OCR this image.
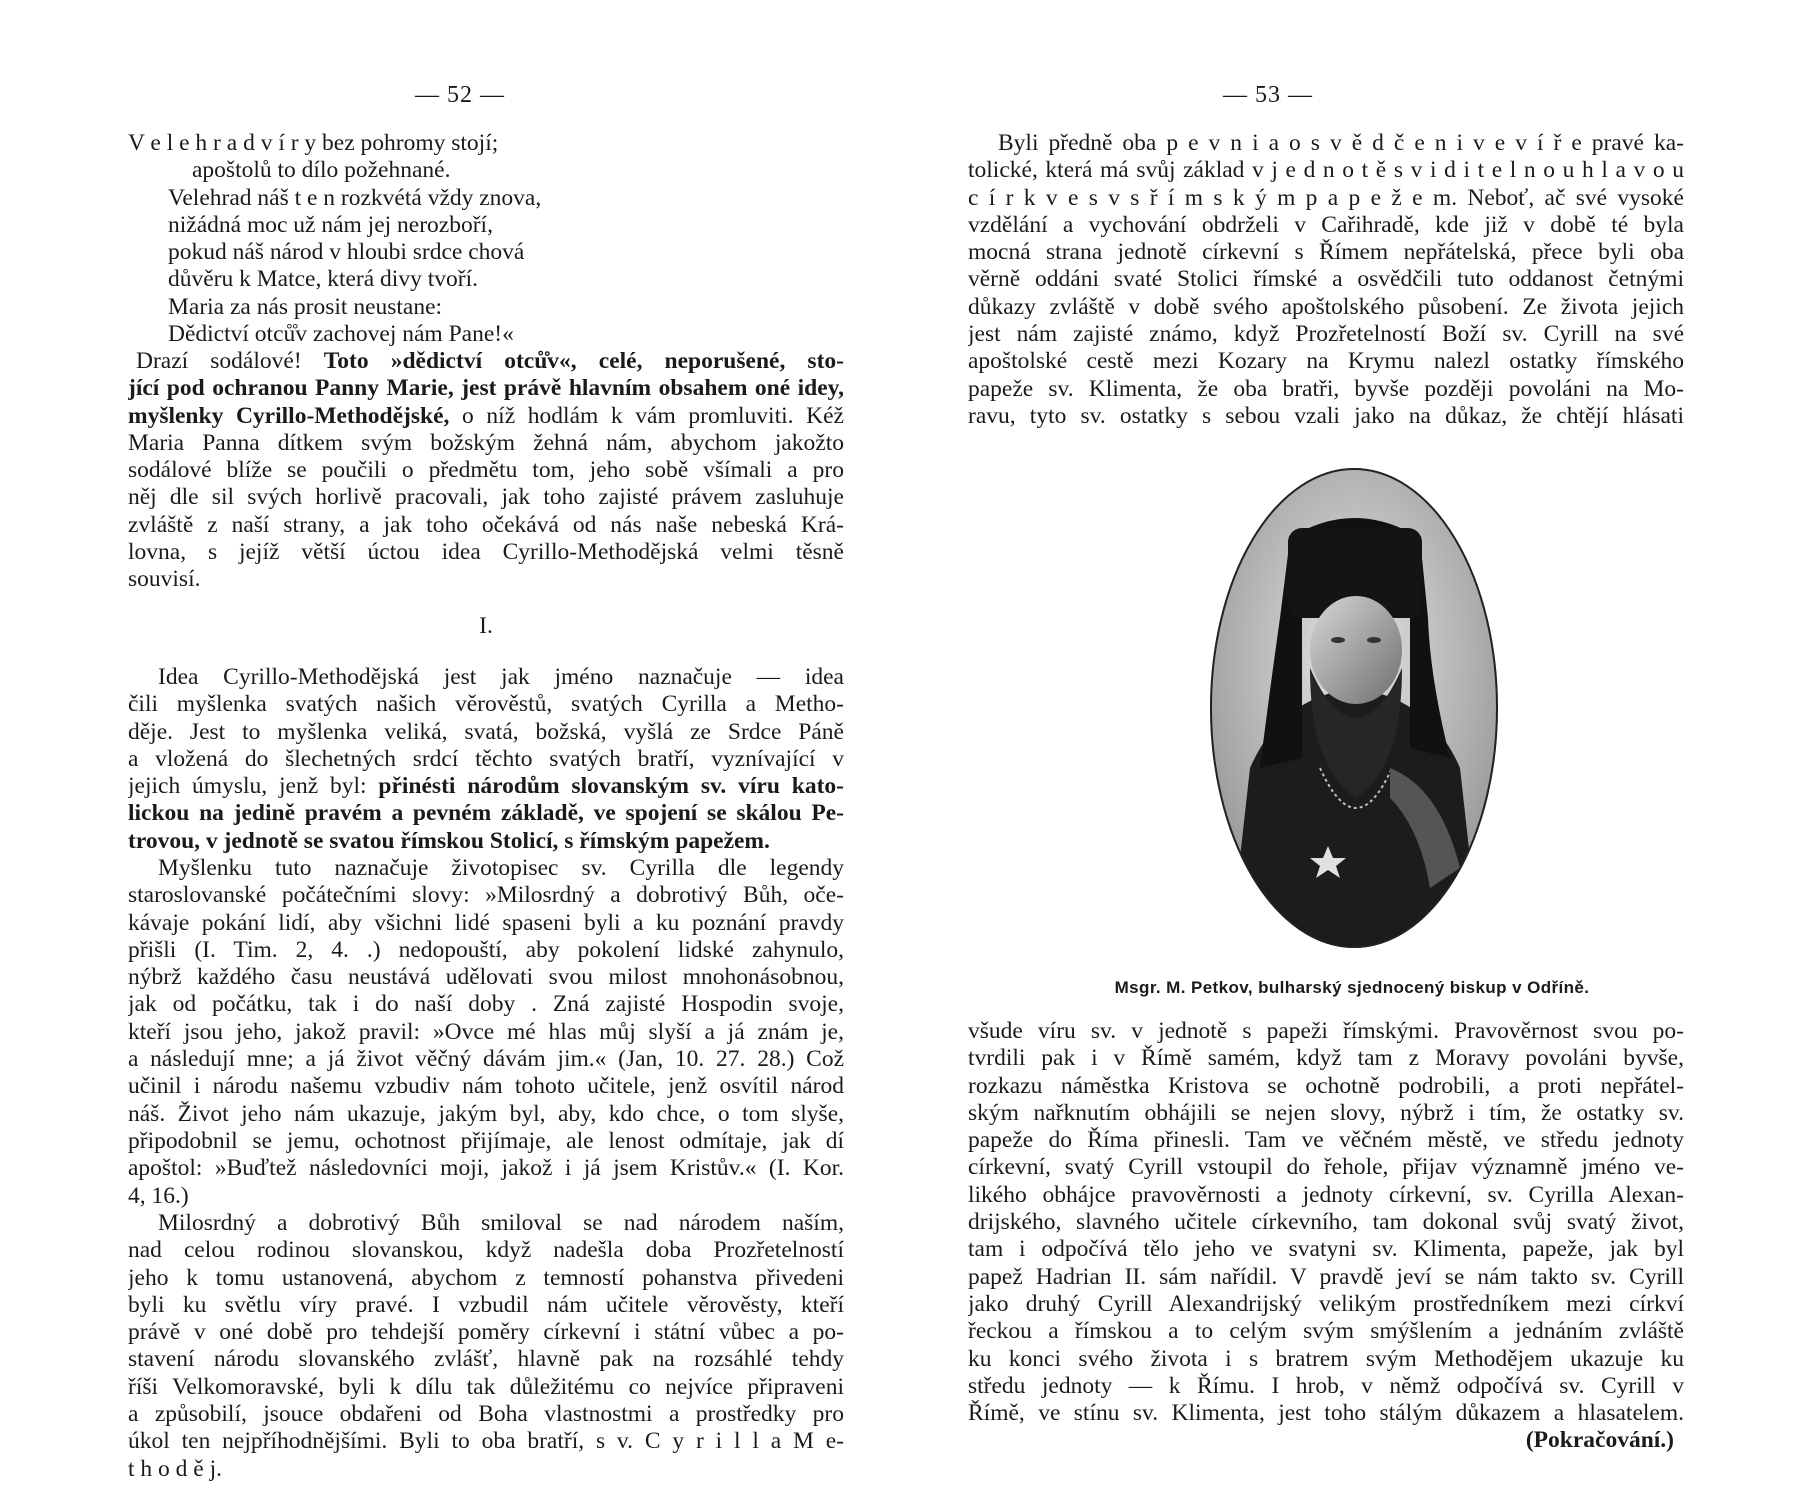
— 52 —
V e l e h r a d v í r y bez pohromy stojí;
apoštolů to dílo požehnané.
Velehrad náš t e n rozkvétá vždy znova,
nižádná moc už nám jej nerozboří,
pokud náš národ v hloubi srdce chová
důvěru k Matce, která divy tvoří.
Maria za nás prosit neustane:
Dědictví otců̊v zachovej nám Pane!«
Drazí sodálové! Toto »dědictví otců̊v«, celé, neporušené, sto-
jící pod ochranou Panny Marie, jest právě hlavním obsahem oné idey,
myšlenky Cyrillo-Methodějské, o níž hodlám k vám promluviti. Kéž
Maria Panna dítkem svým božským žehná nám, abychom jakožto
sodálové blíže se poučili o předmětu tom, jeho sobě všímali a pro
něj dle sil svých horlivě pracovali, jak toho zajisté právem zasluhuje
zvláště z naší strany, a jak toho očekává od nás naše nebeská Krá-
lovna, s jejíž větší úctou idea Cyrillo-Methodějská velmi těsně
souvisí.
I.
Idea Cyrillo-Methodějská jest jak jméno naznačuje — idea
čili myšlenka svatých našich věrověstů, svatých Cyrilla a Metho-
děje. Jest to myšlenka veliká, svatá, božská, vyšlá ze Srdce Páně
a vložená do šlechetných srdcí těchto svatých bratří, vyznívající v
jejich úmyslu, jenž byl: přinésti národům slovanským sv. víru kato-
lickou na jedině pravém a pevném základě, ve spojení se skálou Pe-
trovou, v jednotě se svatou římskou Stolicí, s římským papežem.
Myšlenku tuto naznačuje životopisec sv. Cyrilla dle legendy
staroslovanské počátečními slovy: »Milosrdný a dobrotivý Bůh, oče-
kávaje pokání lidí, aby všichni lidé spaseni byli a ku poznání pravdy
přišli (I. Tim. 2, 4. .) nedopouští, aby pokolení lidské zahynulo,
nýbrž každého času neustává udělovati svou milost mnohonásobnou,
jak od počátku, tak i do naší doby . Zná zajisté Hospodin svoje,
kteří jsou jeho, jakož pravil: »Ovce mé hlas můj slyší a já znám je,
a následují mne; a já život věčný dávám jim.« (Jan, 10. 27. 28.) Což
učinil i národu našemu vzbudiv nám tohoto učitele, jenž osvítil národ
náš. Život jeho nám ukazuje, jakým byl, aby, kdo chce, o tom slyše,
připodobnil se jemu, ochotnost přijímaje, ale lenost odmítaje, jak dí
apoštol: »Buďtež následovníci moji, jakož i já jsem Kristův.« (I. Kor.
4, 16.)
Milosrdný a dobrotivý Bůh smiloval se nad národem naším,
nad celou rodinou slovanskou, když nadešla doba Prozřetelností
jeho k tomu ustanovená, abychom z temností pohanstva přivedeni
byli ku světlu víry pravé. I vzbudil nám učitele věrověsty, kteří
právě v oné době pro tehdejší poměry církevní i státní vůbec a po-
stavení národu slovanského zvlášť, hlavně pak na rozsáhlé tehdy
říši Velkomoravské, byli k dílu tak důležitému co nejvíce připraveni
a způsobilí, jsouce obdařeni od Boha vlastnostmi a prostředky pro
úkol ten nejpříhodnějšími. Byli to oba bratří, s v. C y r i l l a M e-
t h o d ě j.
— 53 —
Byli předně oba p e v n i a o s v ě d č e n i v e v í ř e pravé ka-
tolické, která má svůj základ v j e d n o t ě s v i d i t e l n o u h l a v o u
c í r k v e s v s ř í m s k ý m p a p e ž e m. Neboť, ač své vysoké
vzdělání a vychování obdrželi v Cařihradě, kde již v době té byla
mocná strana jednotě církevní s Římem nepřátelská, přece byli oba
věrně oddáni svaté Stolici římské a osvědčili tuto oddanost četnými
důkazy zvláště v době svého apoštolského působení. Ze života jejich
jest nám zajisté známo, když Prozřetelností Boží sv. Cyrill na své
apoštolské cestě mezi Kozary na Krymu nalezl ostatky římského
papeže sv. Klimenta, že oba bratři, byvše později povoláni na Mo-
ravu, tyto sv. ostatky s sebou vzali jako na důkaz, že chtějí hlásati
Msgr. M. Petkov, bulharský sjednocený biskup v Odříně.
všude víru sv. v jednotě s papeži římskými. Pravověrnost svou po-
tvrdili pak i v Římě samém, když tam z Moravy povoláni byvše,
rozkazu náměstka Kristova se ochotně podrobili, a proti nepřátel-
ským nařknutím obhájili se nejen slovy, nýbrž i tím, že ostatky sv.
papeže do Říma přinesli. Tam ve věčném městě, ve středu jednoty
církevní, svatý Cyrill vstoupil do řehole, přijav významně jméno ve-
likého obhájce pravověrnosti a jednoty církevní, sv. Cyrilla Alexan-
drijského, slavného učitele církevního, tam dokonal svůj svatý život,
tam i odpočívá tělo jeho ve svatyni sv. Klimenta, papeže, jak byl
papež Hadrian II. sám nařídil. V pravdě jeví se nám takto sv. Cyrill
jako druhý Cyrill Alexandrijský velikým prostředníkem mezi církví
řeckou a římskou a to celým svým smýšlením a jednáním zvláště
ku konci svého života i s bratrem svým Methodějem ukazuje ku
středu jednoty — k Římu. I hrob, v němž odpočívá sv. Cyrill v
Římě, ve stínu sv. Klimenta, jest toho stálým důkazem a hlasatelem.
(Pokračování.)
